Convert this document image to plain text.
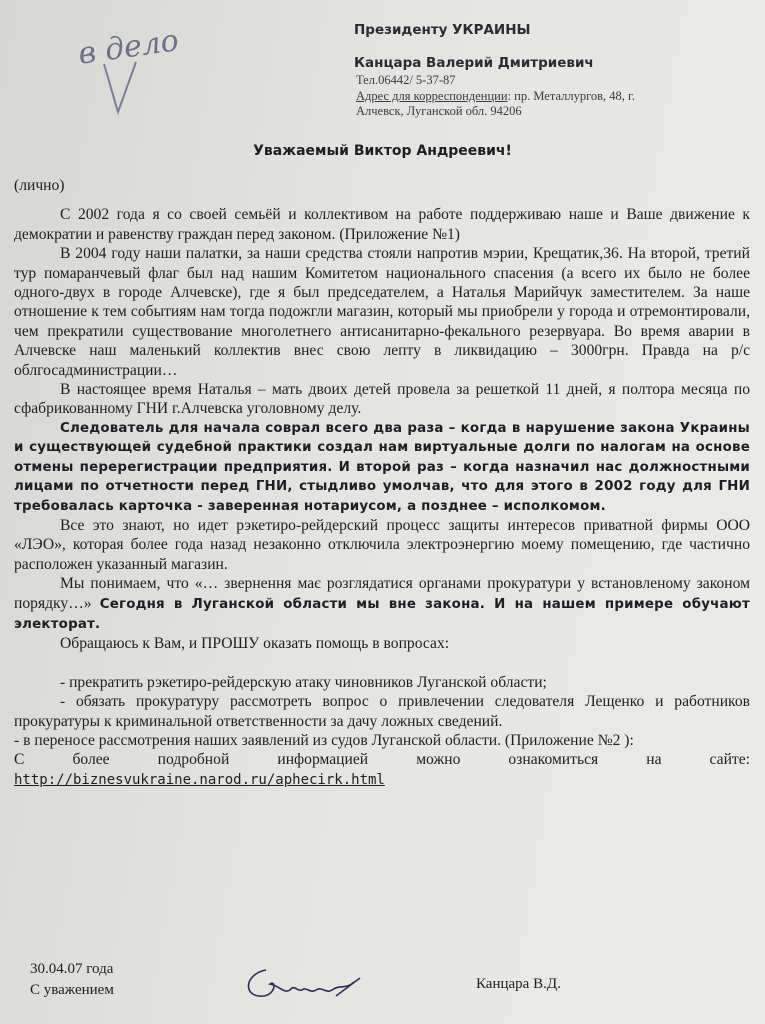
в дело	Президенту УКРАИНЫ
Канцара Валерий Дмитриевич
Тел.06442/ 5-37-87
Адрес для корреспонденции: пр. Металлургов, 48, г.
Алчевск, Луганской обл. 94206
Уважаемый Виктор Андреевич!

(лично)

С 2002 года я со своей семьёй и коллективом на работе поддерживаю наше и Ваше движение к демократии и равенству граждан перед законом. (Приложение №1)

В 2004 году наши палатки, за наши средства стояли напротив мэрии, Крещатик,36. На второй, третий тур помаранчевый флаг был над нашим Комитетом национального спасения (а всего их было не более одного-двух в городе Алчевске), где я был председателем, а Наталья Марийчук заместителем. За наше отношение к тем событиям нам тогда подожгли магазин, который мы приобрели у города и отремонтировали, чем прекратили существование многолетнего антисанитарно-фекального резервуара. Во время аварии в Алчевске наш маленький коллектив внес свою лепту в ликвидацию – 3000грн. Правда на р/с облгосадминистрации…

В настоящее время Наталья – мать двоих детей провела за решеткой 11 дней, я полтора месяца по сфабрикованному ГНИ г.Алчевска уголовному делу.

Следователь для начала соврал всего два раза – когда в нарушение закона Украины и существующей судебной практики создал нам виртуальные долги по налогам на основе отмены перерегистрации предприятия. И второй раз – когда назначил нас должностными лицами по отчетности перед ГНИ, стыдливо умолчав, что для этого в 2002 году для ГНИ требовалась карточка - заверенная нотариусом, а позднее – исполкомом.

Все это знают, но идет рэкетиро-рейдерский процесс защиты интересов приватной фирмы ООО «ЛЭО», которая более года назад незаконно отключила электроэнергию моему помещению, где частично расположен указанный магазин.

Мы понимаем, что «… звернення має розглядатися органами прокуратури у встановленому законом порядку…» Сегодня в Луганской области мы вне закона. И на нашем примере обучают электорат.

Обращаюсь к Вам, и ПРОШУ оказать помощь в вопросах:

- прекратить рэкетиро-рейдерскую атаку чиновников Луганской области;

- обязать прокуратуру рассмотреть вопрос о привлечении следователя Лещенко и работников прокуратуры к криминальной ответственности за дачу ложных сведений.

- в переносе рассмотрения наших заявлений из судов Луганской области. (Приложение №2 ):

С более подробной информацией можно ознакомиться на сайте:

http://biznesvukraine.narod.ru/aphecirk.html

30.04.07 года
С уважением	Канцара В.Д.
